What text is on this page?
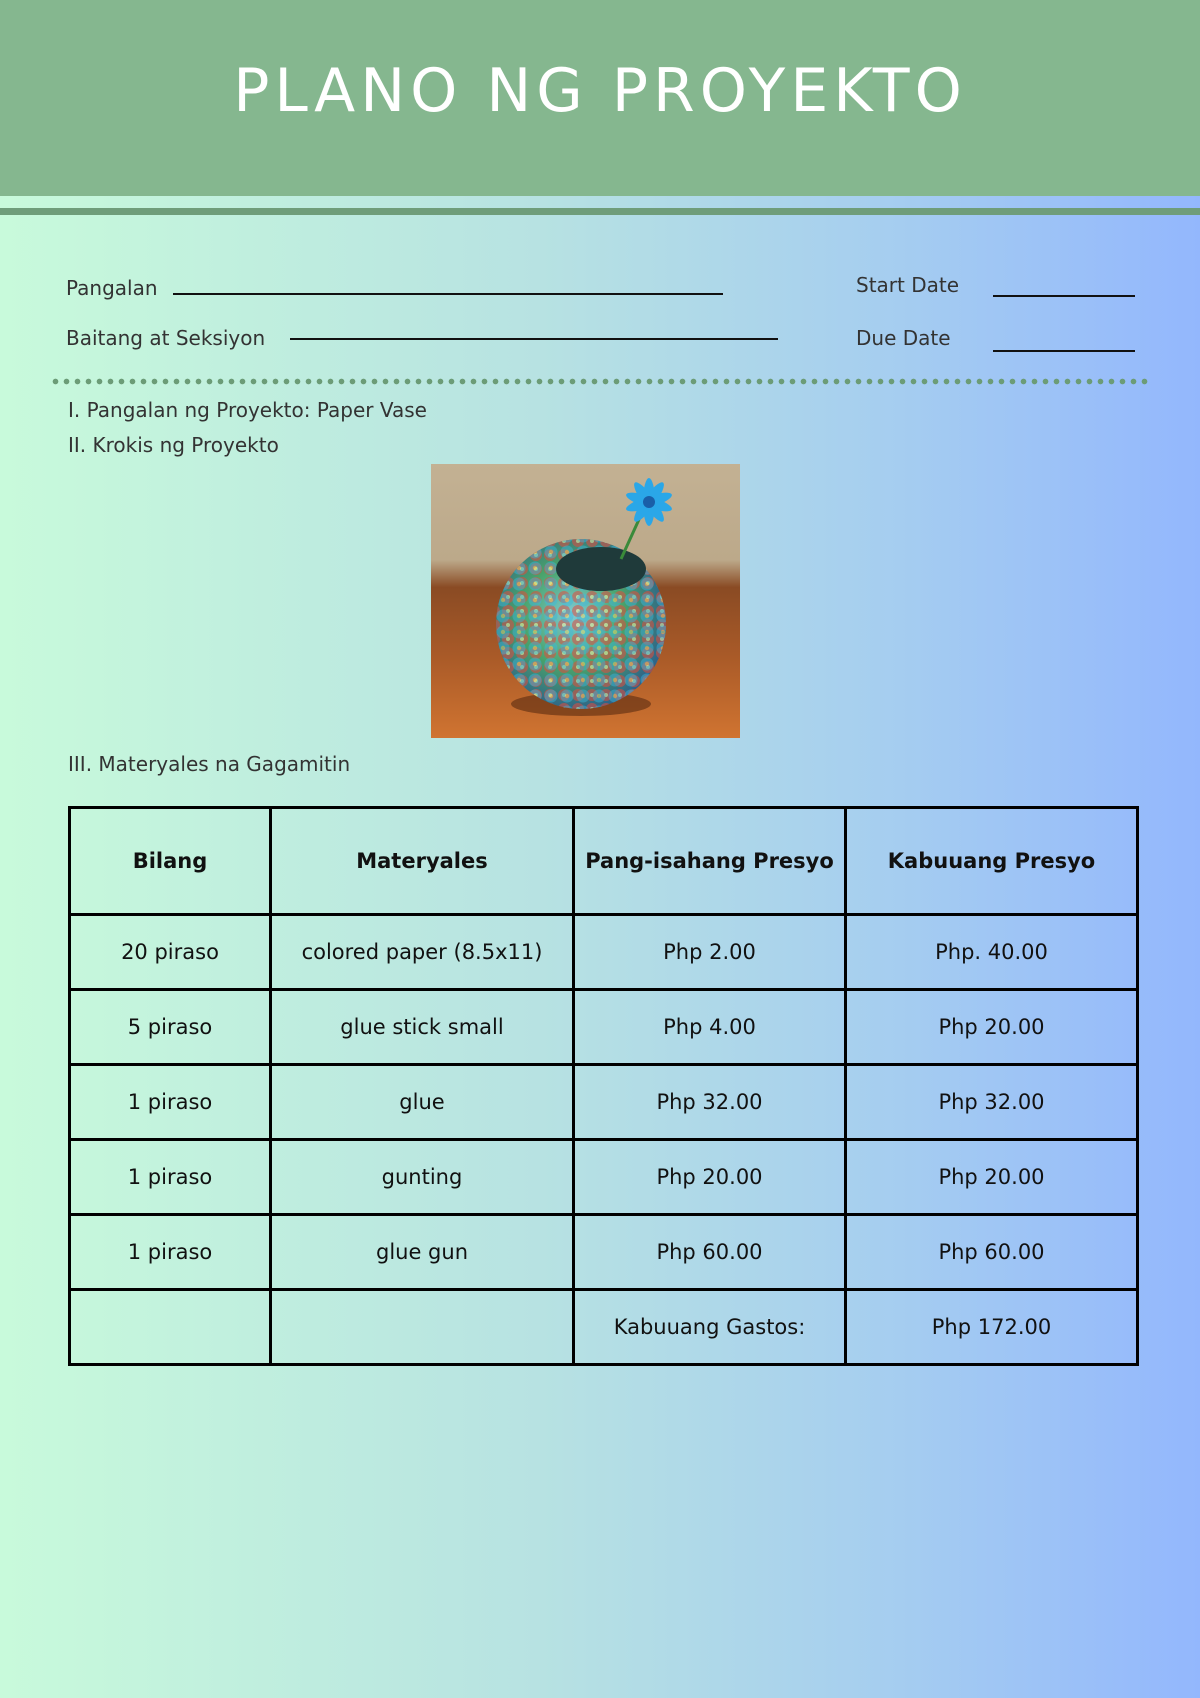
PLANO NG PROYEKTO
Pangalan
Baitang at Seksiyon
Start Date
Due Date
I. Pangalan ng Proyekto: Paper Vase
II. Krokis ng Proyekto
III. Materyales na Gagamitin
Bilang	Materyales	Pang-isahang Presyo	Kabuuang Presyo
20 piraso	colored paper (8.5x11)	Php 2.00	Php. 40.00
5 piraso	glue stick small	Php 4.00	Php 20.00
1 piraso	glue	Php 32.00	Php 32.00
1 piraso	gunting	Php 20.00	Php 20.00
1 piraso	glue gun	Php 60.00	Php 60.00
		Kabuuang Gastos:	Php 172.00
